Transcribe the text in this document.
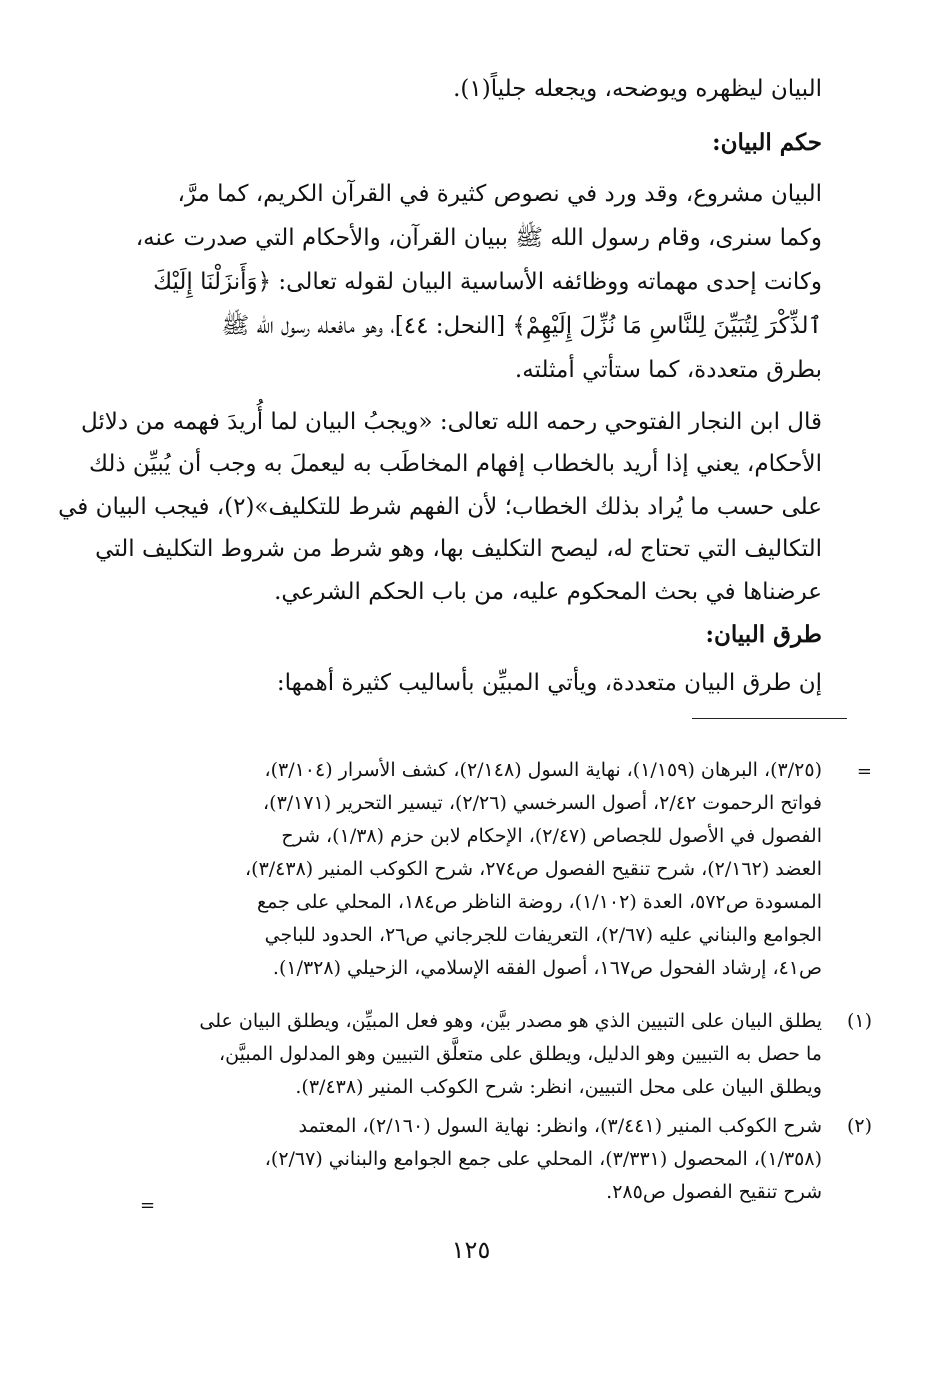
البيان ليظهره ويوضحه، ويجعله جلياً(١).
حكم البيان:
البيان مشروع، وقد ورد في نصوص كثيرة في القرآن الكريم، كما مرَّ،
وكما سنرى، وقام رسول الله ﷺ ببيان القرآن، والأحكام التي صدرت عنه،
وكانت إحدى مهماته ووظائفه الأساسية البيان لقوله تعالى: ﴿وَأَنزَلْنَا إِلَيْكَ
ٱلذِّكْرَ لِتُبَيِّنَ لِلنَّاسِ مَا نُزِّلَ إِلَيْهِمْ﴾ [النحل: ٤٤]، وهو مافعله رسول الله ﷺ
بطرق متعددة، كما ستأتي أمثلته.
قال ابن النجار الفتوحي رحمه الله تعالى: «ويجبُ البيان لما أُريدَ فهمه من دلائل
الأحكام، يعني إذا أريد بالخطاب إفهام المخاطَب به ليعملَ به وجب أن يُبيِّن ذلك
على حسب ما يُراد بذلك الخطاب؛ لأن الفهم شرط للتكليف»(٢)، فيجب البيان في
التكاليف التي تحتاج له، ليصح التكليف بها، وهو شرط من شروط التكليف التي
عرضناها في بحث المحكوم عليه، من باب الحكم الشرعي.
طرق البيان:
إن طرق البيان متعددة، ويأتي المبيِّن بأساليب كثيرة أهمها:
=
(٣/٢٥)، البرهان (١/١٥٩)، نهاية السول (٢/١٤٨)، كشف الأسرار (٣/١٠٤)،
فواتح الرحموت ٢/٤٢، أصول السرخسي (٢/٢٦)، تيسير التحرير (٣/١٧١)،
الفصول في الأصول للجصاص (٢/٤٧)، الإحكام لابن حزم (١/٣٨)، شرح
العضد (٢/١٦٢)، شرح تنقيح الفصول ص٢٧٤، شرح الكوكب المنير (٣/٤٣٨)،
المسودة ص٥٧٢، العدة (١/١٠٢)، روضة الناظر ص١٨٤، المحلي على جمع
الجوامع والبناني عليه (٢/٦٧)، التعريفات للجرجاني ص٢٦، الحدود للباجي
ص٤١، إرشاد الفحول ص١٦٧، أصول الفقه الإسلامي، الزحيلي (١/٣٢٨).
(١)
يطلق البيان على التبيين الذي هو مصدر بيَّن، وهو فعل المبيِّن، ويطلق البيان على
ما حصل به التبيين وهو الدليل، ويطلق على متعلَّق التبيين وهو المدلول المبيَّن،
ويطلق البيان على محل التبيين، انظر: شرح الكوكب المنير (٣/٤٣٨).
(٢)
شرح الكوكب المنير (٣/٤٤١)، وانظر: نهاية السول (٢/١٦٠)، المعتمد
(١/٣٥٨)، المحصول (٣/٣٣١)، المحلي على جمع الجوامع والبناني (٢/٦٧)،
شرح تنقيح الفصول ص٢٨٥.
=
١٢٥
